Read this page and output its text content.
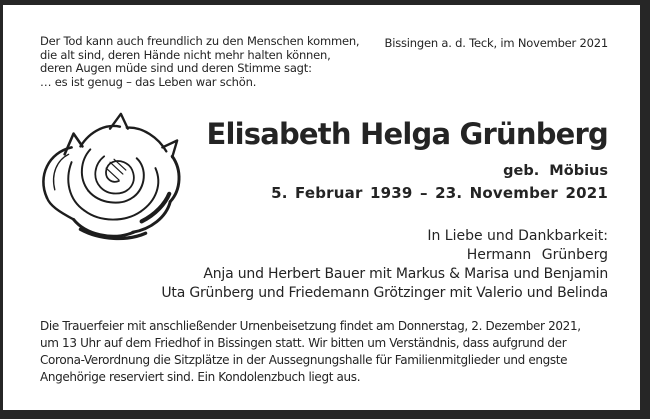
Der Tod kann auch freundlich zu den Menschen kommen,
die alt sind, deren Hände nicht mehr halten können,
deren Augen müde sind und deren Stimme sagt:
… es ist genug – das Leben war schön.
Bissingen a. d. Teck, im November 2021
Elisabeth Helga Grünberg
geb. Möbius
5. Februar 1939 – 23. November 2021
In Liebe und Dankbarkeit:
Hermann Grünberg
Anja und Herbert Bauer mit Markus & Marisa und Benjamin
Uta Grünberg und Friedemann Grötzinger mit Valerio und Belinda
Die Trauerfeier mit anschließender Urnenbeisetzung findet am Donnerstag, 2. Dezember 2021,
um 13 Uhr auf dem Friedhof in Bissingen statt. Wir bitten um Verständnis, dass aufgrund der
Corona-Verordnung die Sitzplätze in der Aussegnungshalle für Familienmitglieder und engste
Angehörige reserviert sind. Ein Kondolenzbuch liegt aus.
